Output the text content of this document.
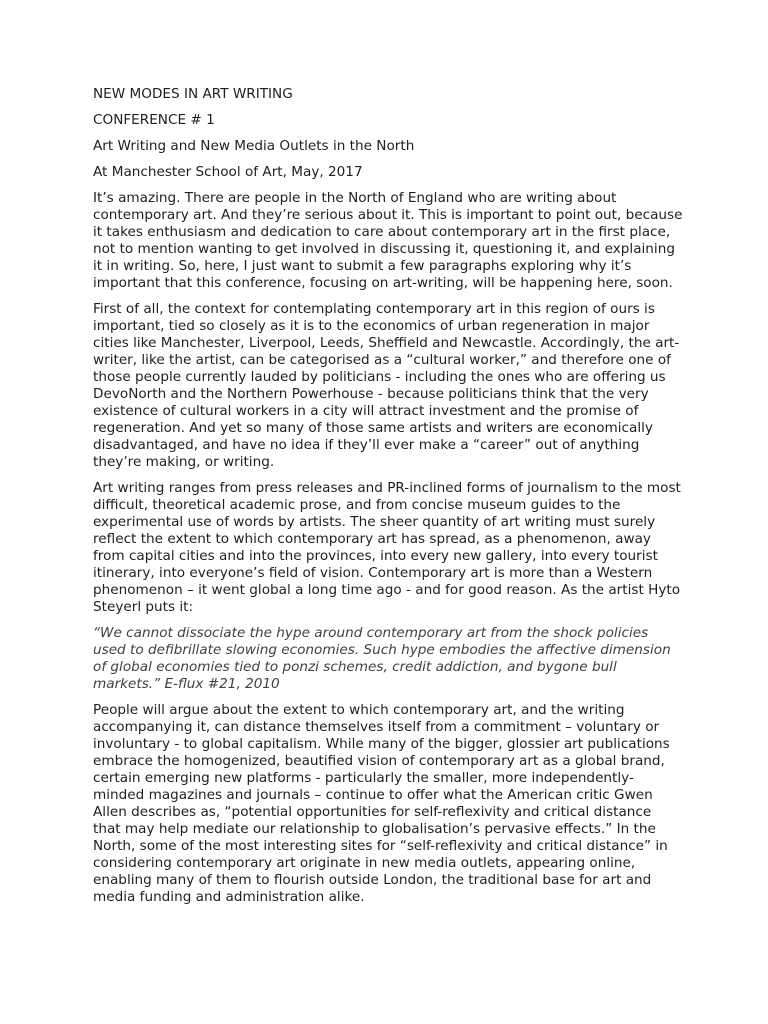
NEW MODES IN ART WRITING
CONFERENCE # 1
Art Writing and New Media Outlets in the North
At Manchester School of Art, May, 2017

It’s amazing. There are people in the North of England who are writing about contemporary art. And they’re serious about it. This is important to point out, because it takes enthusiasm and dedication to care about contemporary art in the first place, not to mention wanting to get involved in discussing it, questioning it, and explaining it in writing. So, here, I just want to submit a few paragraphs exploring why it’s important that this conference, focusing on art-writing, will be happening here, soon.

First of all, the context for contemplating contemporary art in this region of ours is important, tied so closely as it is to the economics of urban regeneration in major cities like Manchester, Liverpool, Leeds, Sheffield and Newcastle. Accordingly, the art-writer, like the artist, can be categorised as a “cultural worker,” and therefore one of those people currently lauded by politicians - including the ones who are offering us DevoNorth and the Northern Powerhouse - because politicians think that the very existence of cultural workers in a city will attract investment and the promise of regeneration. And yet so many of those same artists and writers are economically disadvantaged, and have no idea if they’ll ever make a “career” out of anything they’re making, or writing.

Art writing ranges from press releases and PR-inclined forms of journalism to the most difficult, theoretical academic prose, and from concise museum guides to the experimental use of words by artists. The sheer quantity of art writing must surely reflect the extent to which contemporary art has spread, as a phenomenon, away from capital cities and into the provinces, into every new gallery, into every tourist itinerary, into everyone’s field of vision. Contemporary art is more than a Western phenomenon – it went global a long time ago - and for good reason. As the artist Hyto Steyerl puts it:

“We cannot dissociate the hype around contemporary art from the shock policies used to defibrillate slowing economies. Such hype embodies the affective dimension of global economies tied to ponzi schemes, credit addiction, and bygone bull markets.” E-flux #21, 2010

People will argue about the extent to which contemporary art, and the writing accompanying it, can distance themselves itself from a commitment – voluntary or involuntary - to global capitalism. While many of the bigger, glossier art publications embrace the homogenized, beautified vision of contemporary art as a global brand, certain emerging new platforms - particularly the smaller, more independently-minded magazines and journals – continue to offer what the American critic Gwen Allen describes as, “potential opportunities for self-reflexivity and critical distance that may help mediate our relationship to globalisation’s pervasive effects.” In the North, some of the most interesting sites for “self-reflexivity and critical distance” in considering contemporary art originate in new media outlets, appearing online, enabling many of them to flourish outside London, the traditional base for art and media funding and administration alike.
